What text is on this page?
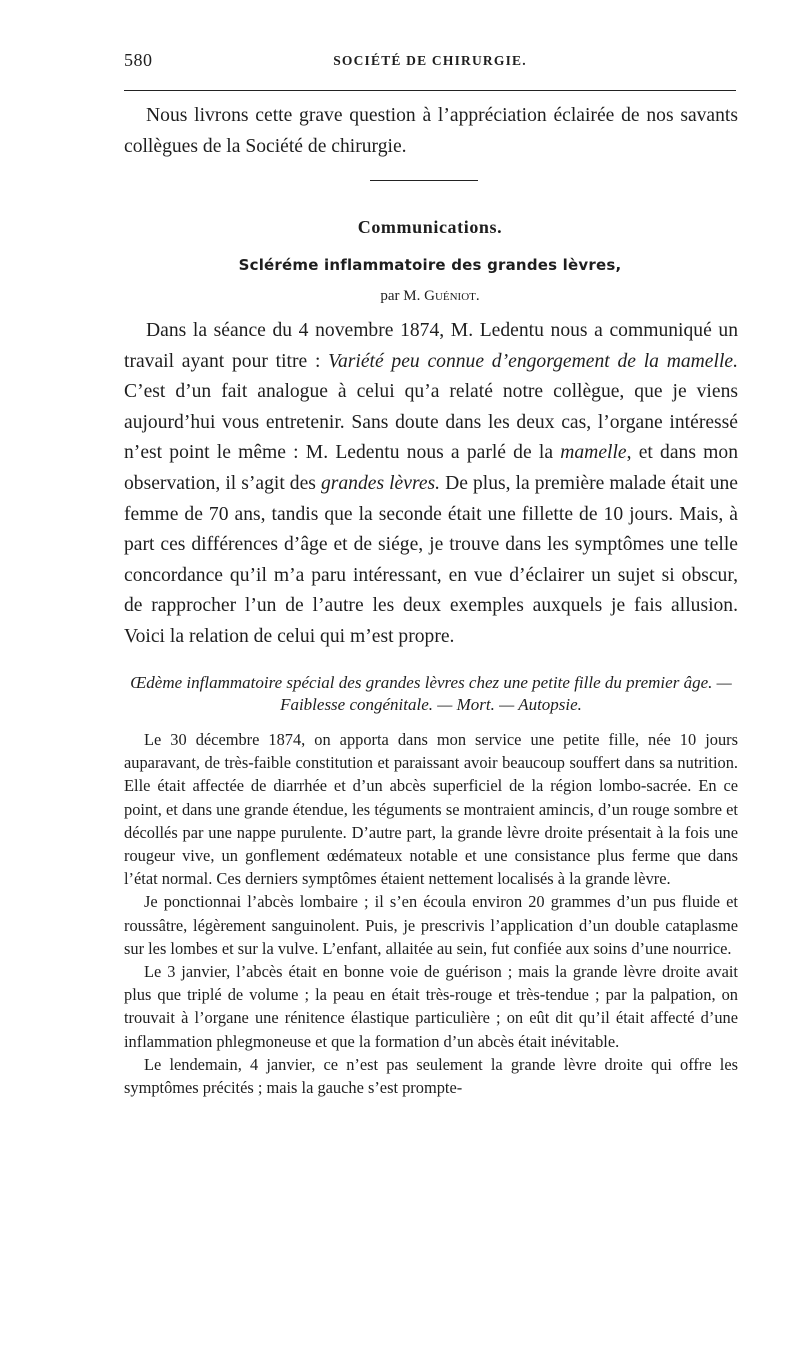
580	SOCIÉTÉ DE CHIRURGIE.

Nous livrons cette grave question à l’appréciation éclairée de nos savants collègues de la Société de chirurgie.

Communications.
Scléréme inflammatoire des grandes lèvres,
par M. Guéniot.

Dans la séance du 4 novembre 1874, M. Ledentu nous a communiqué un travail ayant pour titre : Variété peu connue d’engorgement de la mamelle. C’est d’un fait analogue à celui qu’a relaté notre collègue, que je viens aujourd’hui vous entretenir. Sans doute dans les deux cas, l’organe intéressé n’est point le même : M. Ledentu nous a parlé de la mamelle, et dans mon observation, il s’agit des grandes lèvres. De plus, la première malade était une femme de 70 ans, tandis que la seconde était une fillette de 10 jours. Mais, à part ces différences d’âge et de siége, je trouve dans les symptômes une telle concordance qu’il m’a paru intéressant, en vue d’éclairer un sujet si obscur, de rapprocher l’un de l’autre les deux exemples auxquels je fais allusion. Voici la relation de celui qui m’est propre.

Œdème inflammatoire spécial des grandes lèvres chez une petite fille du premier âge. — Faiblesse congénitale. — Mort. — Autopsie.

Le 30 décembre 1874, on apporta dans mon service une petite fille, née 10 jours auparavant, de très-faible constitution et paraissant avoir beaucoup souffert dans sa nutrition. Elle était affectée de diarrhée et d’un abcès superficiel de la région lombo-sacrée. En ce point, et dans une grande étendue, les téguments se montraient amincis, d’un rouge sombre et décollés par une nappe purulente. D’autre part, la grande lèvre droite présentait à la fois une rougeur vive, un gonflement œdémateux notable et une consistance plus ferme que dans l’état normal. Ces derniers symptômes étaient nettement localisés à la grande lèvre.

Je ponctionnai l’abcès lombaire ; il s’en écoula environ 20 grammes d’un pus fluide et roussâtre, légèrement sanguinolent. Puis, je prescrivis l’application d’un double cataplasme sur les lombes et sur la vulve. L’enfant, allaitée au sein, fut confiée aux soins d’une nourrice.

Le 3 janvier, l’abcès était en bonne voie de guérison ; mais la grande lèvre droite avait plus que triplé de volume ; la peau en était très-rouge et très-tendue ; par la palpation, on trouvait à l’organe une rénitence élastique particulière ; on eût dit qu’il était affecté d’une inflammation phlegmoneuse et que la formation d’un abcès était inévitable.

Le lendemain, 4 janvier, ce n’est pas seulement la grande lèvre droite qui offre les symptômes précités ; mais la gauche s’est prompte-
